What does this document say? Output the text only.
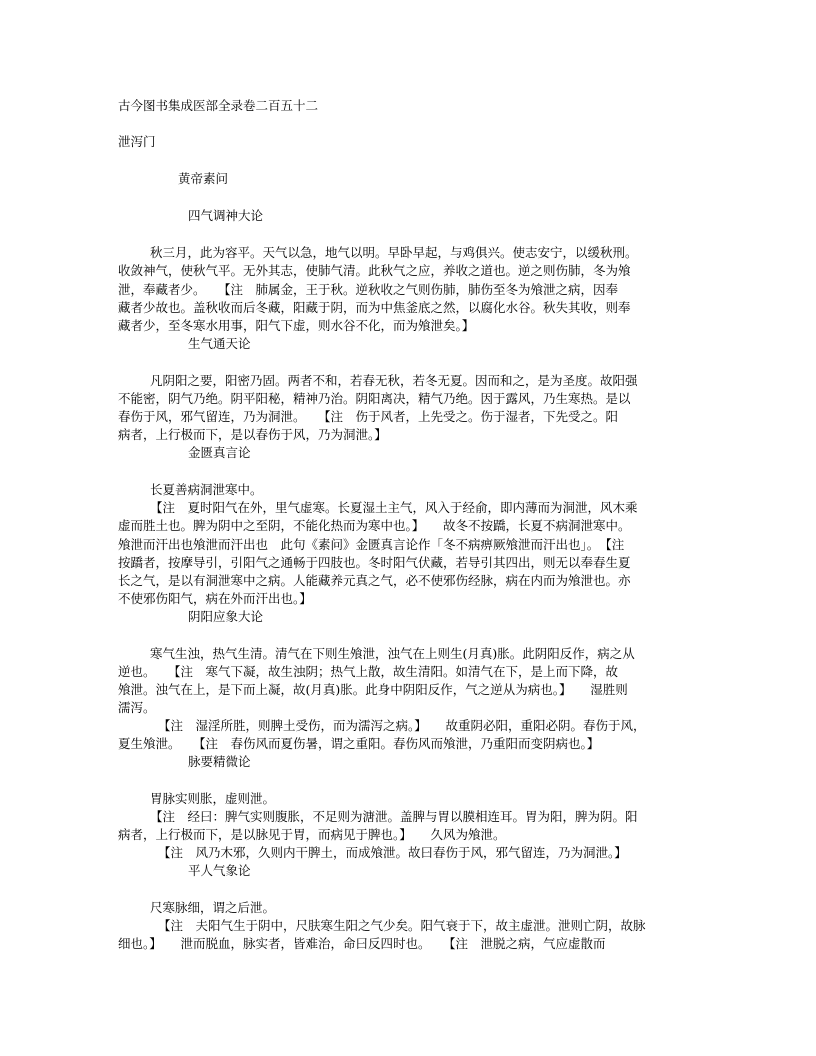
古今图书集成医部全录卷二百五十二
泄泻门
黄帝素问
四气调神大论
秋三月，此为容平。天气以急，地气以明。早卧早起，与鸡俱兴。使志安宁，以缓秋刑。
收敛神气，使秋气平。无外其志，使肺气清。此秋气之应，养收之道也。逆之则伤肺，冬为飧
泄，奉藏者少。　　【注　肺属金，王于秋。逆秋收之气则伤肺，肺伤至冬为飧泄之病，因奉
藏者少故也。盖秋收而后冬藏，阳藏于阴，而为中焦釜底之然，以腐化水谷。秋失其收，则奉
藏者少，至冬寒水用事，阳气下虚，则水谷不化，而为飧泄矣。】
生气通天论
凡阴阳之要，阳密乃固。两者不和，若春无秋，若冬无夏。因而和之，是为圣度。故阳强
不能密，阴气乃绝。阴平阳秘，精神乃治。阴阳离决，精气乃绝。因于露风，乃生寒热。是以
春伤于风，邪气留连，乃为洞泄。　　【注　伤于风者，上先受之。伤于湿者，下先受之。阳
病者，上行极而下，是以春伤于风，乃为洞泄。】
金匮真言论
长夏善病洞泄寒中。
【注　夏时阳气在外，里气虚寒。长夏湿土主气，风入于经俞，即内薄而为洞泄，风木乘
虚而胜土也。脾为阴中之至阴，不能化热而为寒中也。】　　故冬不按蹻，长夏不病洞泄寒中。
飧泄而汗出也飧泄而汗出也　此句《素问》金匮真言论作「冬不病痹厥飧泄而汗出也」。　【注
按蹻者，按摩导引，引阳气之通畅于四肢也。冬时阳气伏藏，若导引其四出，则无以奉春生夏
长之气，是以有洞泄寒中之病。人能藏养元真之气，必不使邪伤经脉，病在内而为飧泄也。亦
不使邪伤阳气，病在外而汗出也。】
阴阳应象大论
寒气生浊，热气生清。清气在下则生飧泄，浊气在上则生(月真)胀。此阴阳反作，病之从
逆也。　　【注　寒气下凝，故生浊阴；热气上散，故生清阳。如清气在下，是上而下降，故
飧泄。浊气在上，是下而上凝，故(月真)胀。此身中阴阳反作，气之逆从为病也。】　　湿胜则
濡泻。
【注　湿淫所胜，则脾土受伤，而为濡泻之病。】　　故重阴必阳，重阳必阴。春伤于风，
夏生飧泄。　　【注　春伤风而夏伤暑，谓之重阳。春伤风而飧泄，乃重阳而变阴病也。】
脉要精微论
胃脉实则胀，虚则泄。
【注　经曰：脾气实则腹胀，不足则为溏泄。盖脾与胃以膜相连耳。胃为阳，脾为阴。阳
病者，上行极而下，是以脉见于胃，而病见于脾也。】　　久风为飧泄。
【注　风乃木邪，久则内干脾土，而成飧泄。故曰春伤于风，邪气留连，乃为洞泄。】
平人气象论
尺寒脉细，谓之后泄。
【注　夫阳气生于阴中，尺肤寒生阳之气少矣。阳气衰于下，故主虚泄。泄则亡阴，故脉
细也。】　　泄而脱血，脉实者，皆难治，命曰反四时也。　　【注　泄脱之病，气应虚散而
